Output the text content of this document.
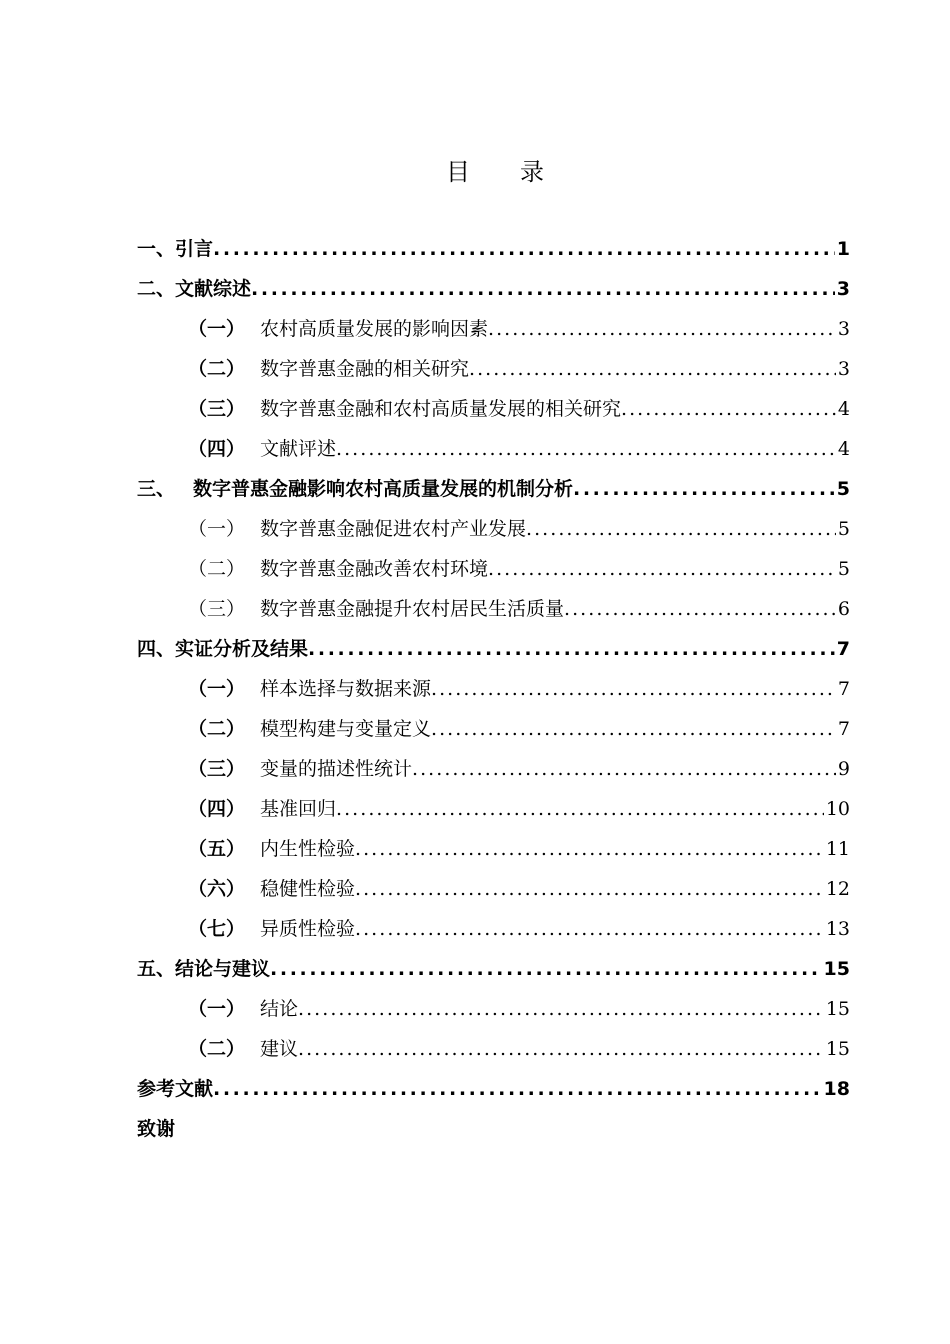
目 录
一、 引言 . . .	1
二、 文献综述 . . .	3
（一） 农村高质量发展的影响因素 . . .	3
（二） 数字普惠金融的相关研究 . . .	3
（三） 数字普惠金融和农村高质量发展的相关研究 . . .	4
（四） 文献评述 . . .	4
三、 数字普惠金融影响农村高质量发展的机制分析 . . .	5
（一） 数字普惠金融促进农村产业发展 . . .	5
（二） 数字普惠金融改善农村环境 . . .	5
（三） 数字普惠金融提升农村居民生活质量 . . .	6
四、 实证分析及结果 . . .	7
（一） 样本选择与数据来源 . . .	7
（二） 模型构建与变量定义 . . .	7
（三） 变量的描述性统计 . . .	9
（四） 基准回归 . . .	10
（五） 内生性检验 . . .	11
（六） 稳健性检验 . . .	12
（七） 异质性检验 . . .	13
五、 结论与建议 . . .	15
（一） 结论 . . .	15
（二） 建议 . . .	15
参考文献 . . .	18
致谢
